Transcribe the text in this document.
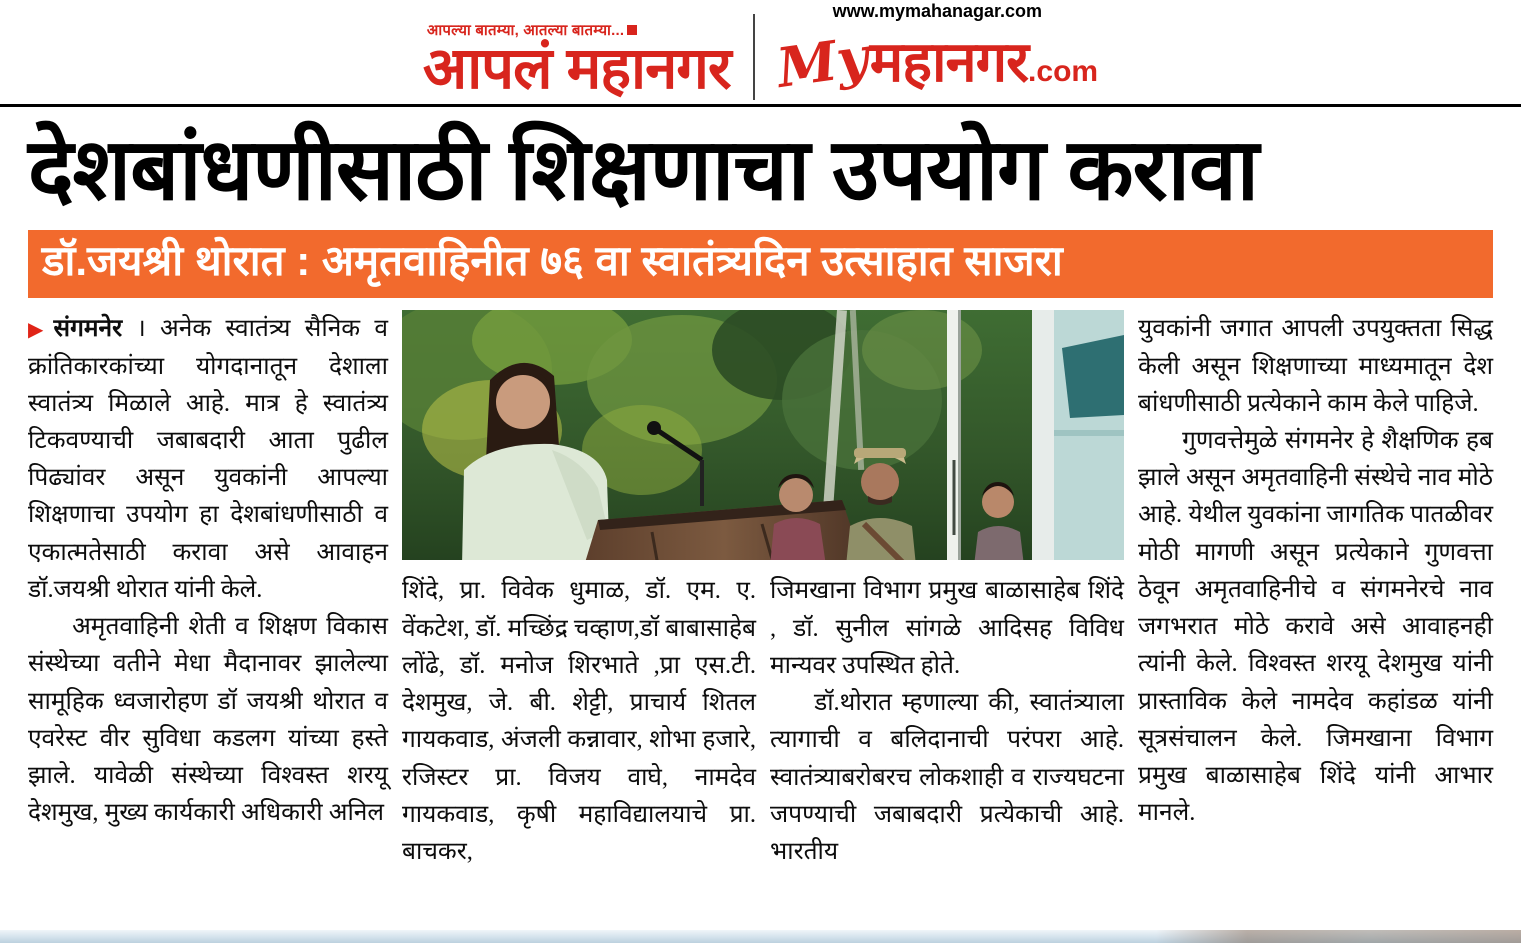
आपल्या बातम्या, आतल्या बातम्या...
आपलं महानगर
www.mymahanagar.com
My
महानगर .com
देशबांधणीसाठी शिक्षणाचा उपयोग करावा
डॉ.जयश्री थोरात : अमृतवाहिनीत ७६ वा स्वातंत्र्यदिन उत्साहात साजरा

▶संगमनेर । अनेक स्वातंत्र्य सैनिक व क्रांतिकारकांच्या योगदानातून देशाला स्वातंत्र्य मिळाले आहे. मात्र हे स्वातंत्र्य टिकवण्याची जबाबदारी आता पुढील पिढ्यांवर असून युवकांनी आपल्या शिक्षणाचा उपयोग हा देशबांधणीसाठी व एकात्मतेसाठी करावा असे आवाहन डॉ.जयश्री थोरात यांनी केले.

अमृतवाहिनी शेती व शिक्षण विकास संस्थेच्या वतीने मेधा मैदानावर झालेल्या सामूहिक ध्वजारोहण डॉ जयश्री थोरात व एवरेस्ट वीर सुविधा कडलग यांच्या हस्ते झाले. यावेळी संस्थेच्या विश्वस्त शरयू देशमुख, मुख्य कार्यकारी अधिकारी अनिल

शिंदे, प्रा. विवेक धुमाळ, डॉ. एम. ए. वेंकटेश, डॉ. मच्छिंद्र चव्हाण,डॉ बाबासाहेब लोंढे, डॉ. मनोज शिरभाते ,प्रा एस.टी. देशमुख, जे. बी. शेट्टी, प्राचार्य शितल गायकवाड, अंजली कन्नावार, शोभा हजारे, रजिस्टर प्रा. विजय वाघे, नामदेव गायकवाड, कृषी महाविद्यालयाचे प्रा. बाचकर,

जिमखाना विभाग प्रमुख बाळासाहेब शिंदे , डॉ. सुनील सांगळे आदिसह विविध मान्यवर उपस्थित होते.

डॉ.थोरात म्हणाल्या की, स्वातंत्र्याला त्यागाची व बलिदानाची परंपरा आहे. स्वातंत्र्याबरोबरच लोकशाही व राज्यघटना जपण्याची जबाबदारी प्रत्येकाची आहे. भारतीय

युवकांनी जगात आपली उपयुक्तता सिद्ध केली असून शिक्षणाच्या माध्यमातून देश बांधणीसाठी प्रत्येकाने काम केले पाहिजे.

गुणवत्तेमुळे संगमनेर हे शैक्षणिक हब झाले असून अमृतवाहिनी संस्थेचे नाव मोठे आहे. येथील युवकांना जागतिक पातळीवर मोठी मागणी असून प्रत्येकाने गुणवत्ता ठेवून अमृतवाहिनीचे व संगमनेरचे नाव जगभरात मोठे करावे असे आवाहनही त्यांनी केले. विश्वस्त शरयू देशमुख यांनी प्रास्ताविक केले नामदेव कहांडळ यांनी सूत्रसंचालन केले. जिमखाना विभाग प्रमुख बाळासाहेब शिंदे यांनी आभार मानले.
